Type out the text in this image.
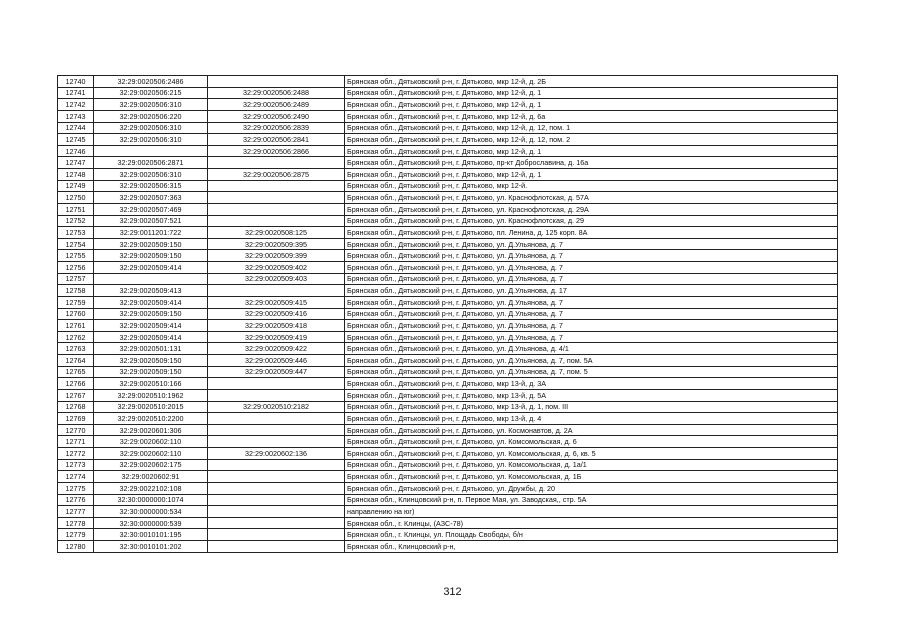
12740	32:29:0020506:2486		Брянская обл., Дятьковский р-н, г. Дятьково, мкр 12-й, д. 2Б
12741	32:29:0020506:215	32:29:0020506:2488	Брянская обл., Дятьковский р-н, г. Дятьково, мкр 12-й, д. 1
12742	32:29:0020506:310	32:29:0020506:2489	Брянская обл., Дятьковский р-н, г. Дятьково, мкр 12-й, д. 1
12743	32:29:0020506:220	32:29:0020506:2490	Брянская обл., Дятьковский р-н, г. Дятьково, мкр 12-й, д. 6а
12744	32:29:0020506:310	32:29:0020506:2839	Брянская обл., Дятьковский р-н, г. Дятьково, мкр 12-й, д. 12, пом. 1
12745	32:29:0020506:310	32:29:0020506:2841	Брянская обл., Дятьковский р-н, г. Дятьково, мкр 12-й, д. 12, пом. 2
12746		32:29:0020506:2866	Брянская обл., Дятьковский р-н, г. Дятьково, мкр 12-й, д. 1
12747	32:29:0020506:2871		Брянская обл., Дятьковский р-н, г. Дятьково, пр-кт Доброславина, д. 16а
12748	32:29:0020506:310	32:29:0020506:2875	Брянская обл., Дятьковский р-н, г. Дятьково, мкр 12-й, д. 1
12749	32:29:0020506:315		Брянская обл., Дятьковский р-н, г. Дятьково, мкр 12-й.
12750	32:29:0020507:363		Брянская обл., Дятьковский р-н, г. Дятьково, ул. Краснофлотская, д. 57А
12751	32:29:0020507:469		Брянская обл., Дятьковский р-н, г. Дятьково, ул. Краснофлотская, д. 29А
12752	32:29:0020507:521		Брянская обл., Дятьковский р-н, г. Дятьково, ул. Краснофлотская, д. 29
12753	32:29:0011201:722	32:29:0020508:125	Брянская обл., Дятьковский р-н, г. Дятьково, пл. Ленина, д. 125 корп. 8А
12754	32:29:0020509:150	32:29:0020509:395	Брянская обл., Дятьковский р-н, г. Дятьково, ул. Д.Ульянова, д. 7
12755	32:29:0020509:150	32:29:0020509:399	Брянская обл., Дятьковский р-н, г. Дятьково, ул. Д.Ульянова, д. 7
12756	32:29:0020509:414	32:29:0020509:402	Брянская обл., Дятьковский р-н, г. Дятьково, ул. Д.Ульянова, д. 7
12757		32:29:0020509:403	Брянская обл., Дятьковский р-н, г. Дятьково, ул. Д.Ульянова, д. 7
12758	32:29:0020509:413		Брянская обл., Дятьковский р-н, г. Дятьково, ул. Д.Ульянова, д. 17
12759	32:29:0020509:414	32:29:0020509:415	Брянская обл., Дятьковский р-н, г. Дятьково, ул. Д.Ульянова, д. 7
12760	32:29:0020509:150	32:29:0020509:416	Брянская обл., Дятьковский р-н, г. Дятьково, ул. Д.Ульянова, д. 7
12761	32:29:0020509:414	32:29:0020509:418	Брянская обл., Дятьковский р-н, г. Дятьково, ул. Д.Ульянова, д. 7
12762	32:29:0020509:414	32:29:0020509:419	Брянская обл., Дятьковский р-н, г. Дятьково, ул. Д.Ульянова, д. 7
12763	32:29:0020501:131	32:29:0020509:422	Брянская обл., Дятьковский р-н, г. Дятьково, ул. Д.Ульянова, д. 4/1
12764	32:29:0020509:150	32:29:0020509:446	Брянская обл., Дятьковский р-н, г. Дятьково, ул. Д.Ульянова, д. 7, пом. 5А
12765	32:29:0020509:150	32:29:0020509:447	Брянская обл., Дятьковский р-н, г. Дятьково, ул. Д.Ульянова, д. 7, пом. 5
12766	32:29:0020510:166		Брянская обл., Дятьковский р-н, г. Дятьково, мкр 13-й, д. 3А
12767	32:29:0020510:1962		Брянская обл., Дятьковский р-н, г. Дятьково, мкр 13-й, д. 5А
12768	32:29:0020510:2015	32:29:0020510:2182	Брянская обл., Дятьковский р-н, г. Дятьково, мкр 13-й, д. 1, пом. III
12769	32:29:0020510:2200		Брянская обл., Дятьковский р-н, г. Дятьково, мкр 13-й, д. 4
12770	32:29:0020601:306		Брянская обл., Дятьковский р-н, г. Дятьково, ул. Космонавтов, д. 2А
12771	32:29:0020602:110		Брянская обл., Дятьковский р-н, г. Дятьково, ул. Комсомольская, д. 6
12772	32:29:0020602:110	32:29:0020602:136	Брянская обл., Дятьковский р-н, г. Дятьково, ул. Комсомольская, д. 6, кв. 5
12773	32:29:0020602:175		Брянская обл., Дятьковский р-н, г. Дятьково, ул. Комсомольская, д. 1а/1
12774	32:29:0020602:91		Брянская обл., Дятьковский р-н, г. Дятьково, ул. Комсомольская, д. 1Б
12775	32:29:0022102:108		Брянская обл., Дятьковский р-н, г. Дятьково, ул. Дружбы, д. 20
12776	32:30:0000000:1074		Брянская обл., Клинцовский р-н, п. Первое Мая, ул. Заводская,, стр. 5А
12777	32:30:0000000:534		направлению на юг)
12778	32:30:0000000:539		Брянская обл., г. Клинцы, (АЗС-78)
12779	32:30:0010101:195		Брянская обл., г. Клинцы, ул. Площадь Свободы, б/н
12780	32:30:0010101:202		Брянская обл., Клинцовский р-н,
312
